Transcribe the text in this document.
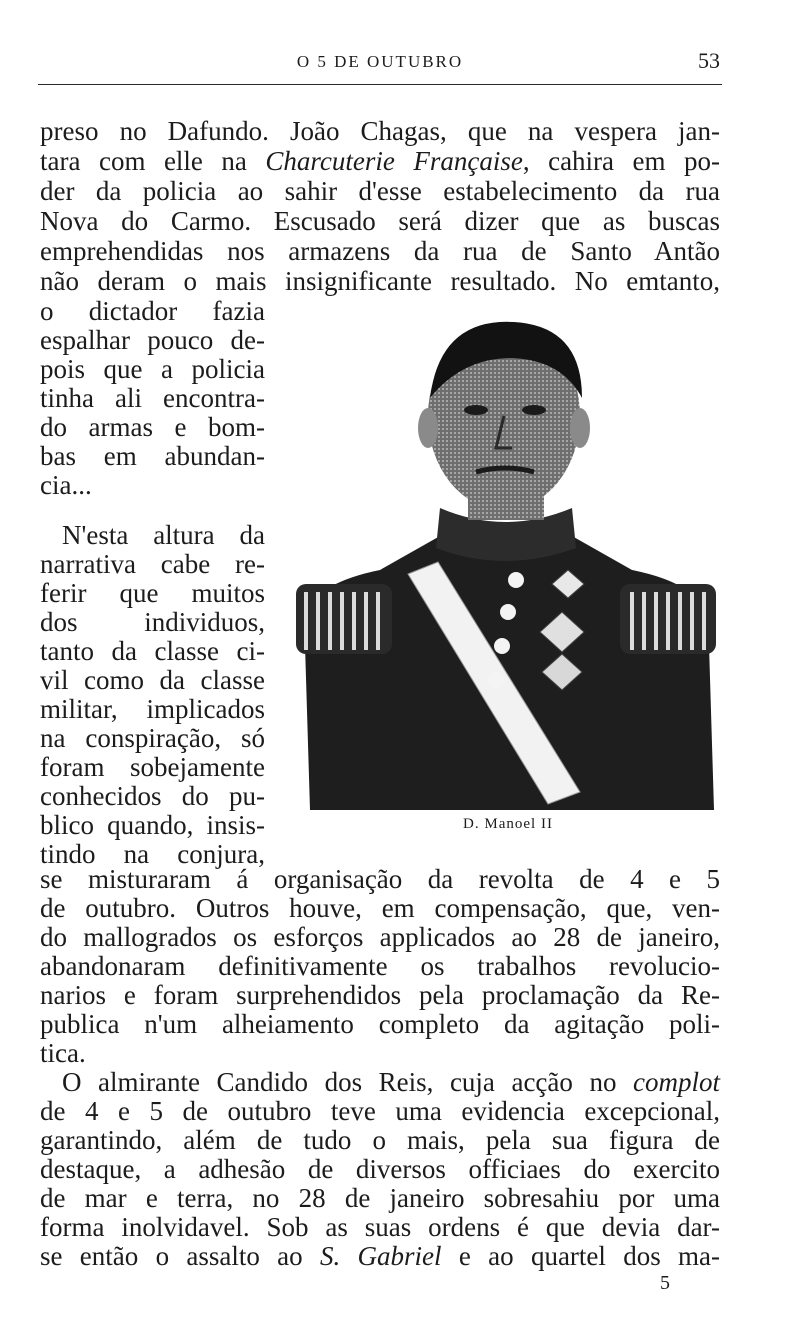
O 5 DE OUTUBRO	53
preso no Dafundo. João Chagas, que na vespera jan-
tara com elle na Charcuterie Française, cahira em po-
der da policia ao sahir d'esse estabelecimento da rua
Nova do Carmo. Escusado será dizer que as buscas
emprehendidas nos armazens da rua de Santo Antão
não deram o mais insignificante resultado. No emtanto,
o dictador fazia
espalhar pouco de-
pois que a policia
tinha ali encontra-
do armas e bom-
bas em abundan-
cia...
N'esta altura da
narrativa cabe re-
ferir que muitos
dos individuos,
tanto da classe ci-
vil como da classe
militar, implicados
na conspiração, só
foram sobejamente
conhecidos do pu-
blico quando, insis-
tindo na conjura,
D. Manoel II
se misturaram á organisação da revolta de 4 e 5
de outubro. Outros houve, em compensação, que, ven-
do mallogrados os esforços applicados ao 28 de janeiro,
abandonaram definitivamente os trabalhos revolucio-
narios e foram surprehendidos pela proclamação da Re-
publica n'um alheiamento completo da agitação poli-
tica.
O almirante Candido dos Reis, cuja acção no complot
de 4 e 5 de outubro teve uma evidencia excepcional,
garantindo, além de tudo o mais, pela sua figura de
destaque, a adhesão de diversos officiaes do exercito
de mar e terra, no 28 de janeiro sobresahiu por uma
forma inolvidavel. Sob as suas ordens é que devia dar-
se então o assalto ao S. Gabriel e ao quartel dos ma-
5
